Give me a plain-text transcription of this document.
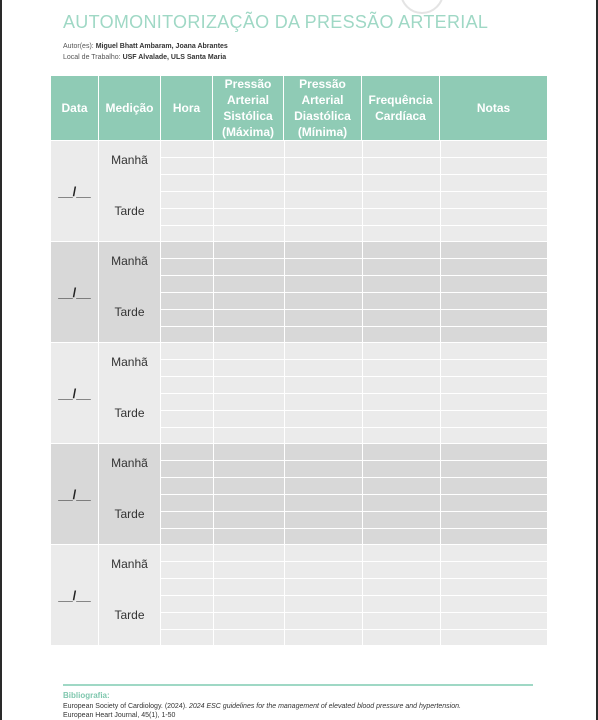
AUTOMONITORIZAÇÃO DA PRESSÃO ARTERIAL
Autor(es): Miguel Bhatt Ambaram, Joana Abrantes
Local de Trabalho: USF Alvalade, ULS Santa Maria
Data	Medição	Hora
Pressão
Arterial
Sistólica
(Máxima)
Pressão
Arterial
Diastólica
(Mínima)
Frequência
Cardíaca
Notas
__/__
Manhã
Tarde
__/__
Manhã
Tarde
__/__
Manhã
Tarde
__/__
Manhã
Tarde
__/__
Manhã
Tarde
Bibliografia:
European Society of Cardiology. (2024). 2024 ESC guidelines for the management of elevated blood pressure and hypertension.
European Heart Journal, 45(1), 1-50
